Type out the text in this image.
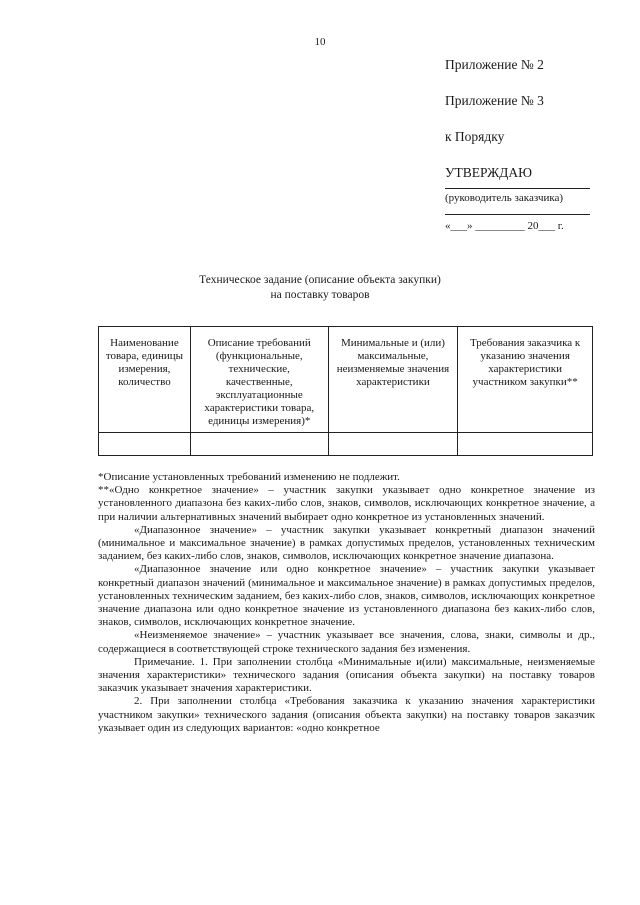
10
Приложение № 2
Приложение № 3
к Порядку
УТВЕРЖДАЮ
(руководитель заказчика)
«___» _________ 20___ г.
Техническое задание (описание объекта закупки)
на поставку товаров
Наименование товара, единицы измерения, количество	Описание требований (функциональные, технические, качественные, эксплуатационные характеристики товара, единицы измерения)*	Минимальные и (или) максимальные, неизменяемые значения характеристики	Требования заказчика к указанию значения характеристики участником закупки**

*Описание установленных требований изменению не подлежит.

**«Одно конкретное значение» – участник закупки указывает одно конкретное значение из установленного диапазона без каких-либо слов, знаков, символов, исключающих конкретное значение, а при наличии альтернативных значений выбирает одно конкретное из установленных значений.

«Диапазонное значение» – участник закупки указывает конкретный диапазон значений (минимальное и максимальное значение) в рамках допустимых пределов, установленных техническим заданием, без каких-либо слов, знаков, символов, исключающих конкретное значение диапазона.

«Диапазонное значение или одно конкретное значение» – участник закупки указывает конкретный диапазон значений (минимальное и максимальное значение) в рамках допустимых пределов, установленных техническим заданием, без каких-либо слов, знаков, символов, исключающих конкретное значение диапазона или одно конкретное значение из установленного диапазона без каких-либо слов, знаков, символов, исключающих конкретное значение.

«Неизменяемое значение» – участник указывает все значения, слова, знаки, символы и др., содержащиеся в соответствующей строке технического задания без изменения.

Примечание. 1. При заполнении столбца «Минимальные и(или) максимальные, неизменяемые значения характеристики» технического задания (описания объекта закупки) на поставку товаров заказчик указывает значения характеристики.

2. При заполнении столбца «Требования заказчика к указанию значения характеристики участником закупки» технического задания (описания объекта закупки) на поставку товаров заказчик указывает один из следующих вариантов: «одно конкретное
